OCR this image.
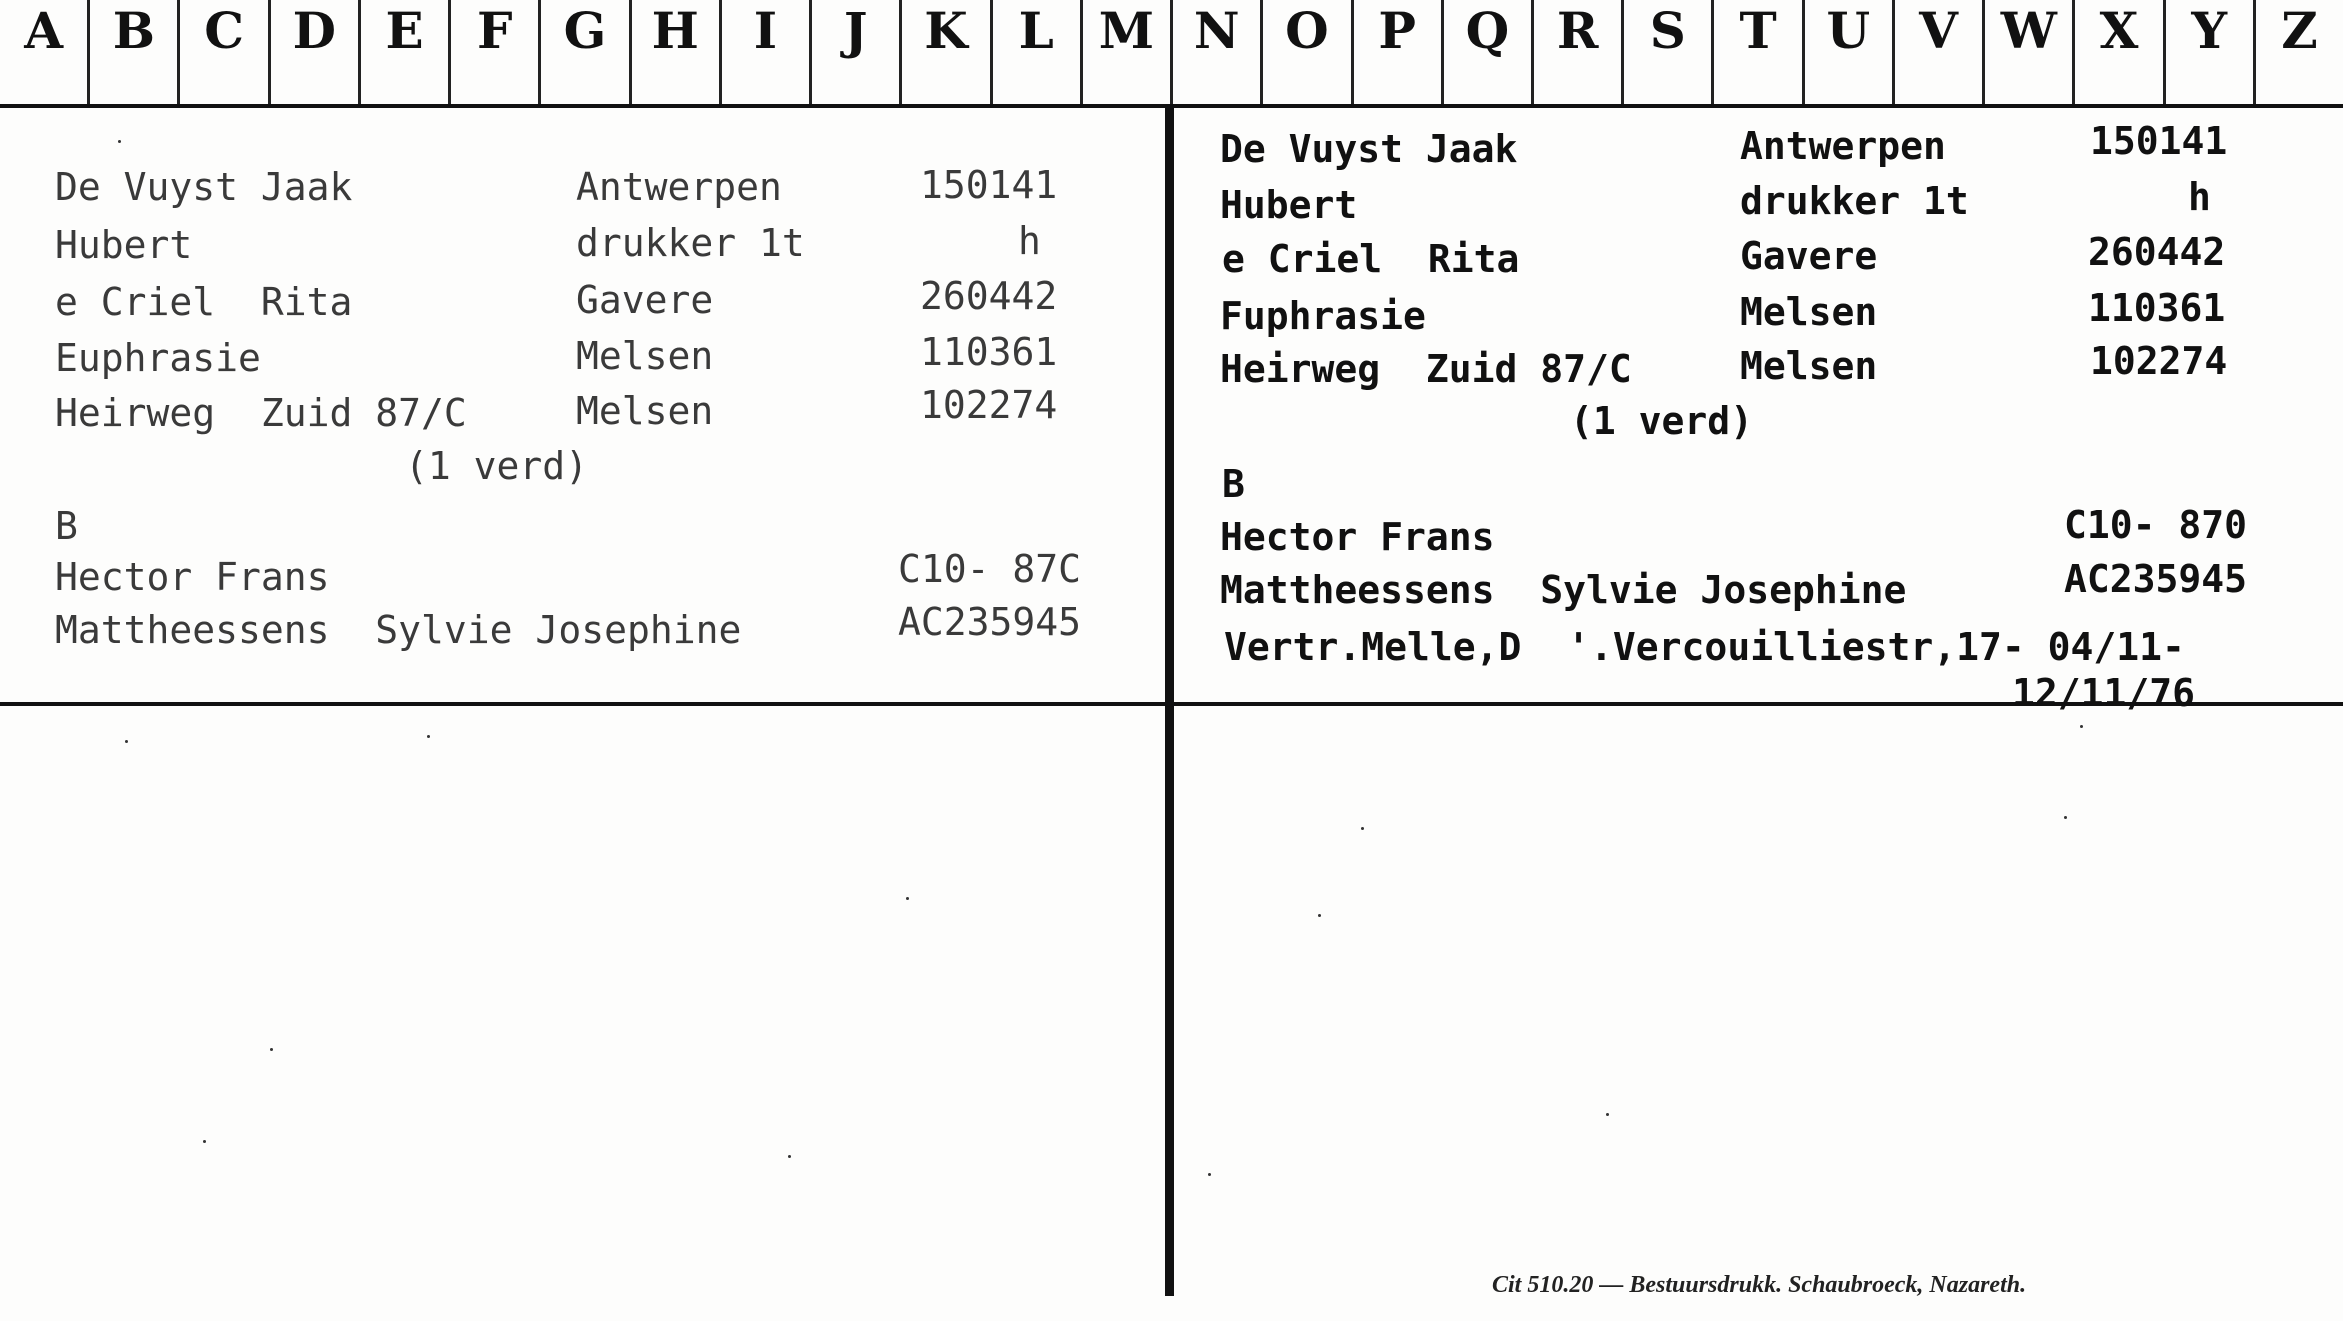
A B C D E	F	G H	I	J	K	L M N O P Q R	S	T U V W X	Y	Z
De Vuyst Jaak	Antwerpen	150141
Hubert	drukker 1t	h
e Criel  Rita	Gavere	260442
Euphrasie	Melsen	110361
Heirweg  Zuid 87/C	Melsen	102274
(1 verd)
B
Hector Frans	C10- 87C
Mattheessens  Sylvie Josephine	AC235945
De Vuyst Jaak	Antwerpen	150141
Hubert	drukker 1t	h
e Criel  Rita	Gavere	260442
Fuphrasie	Melsen	110361
Heirweg  Zuid 87/C	Melsen	102274
(1 verd)
B
Hector Frans	C10- 870
Mattheessens  Sylvie Josephine	AC235945
Vertr.Melle,D  '.Vercouilliestr,17- 04/11-
12/11/76
Cit 510.20 — Bestuursdrukk. Schaubroeck, Nazareth.
